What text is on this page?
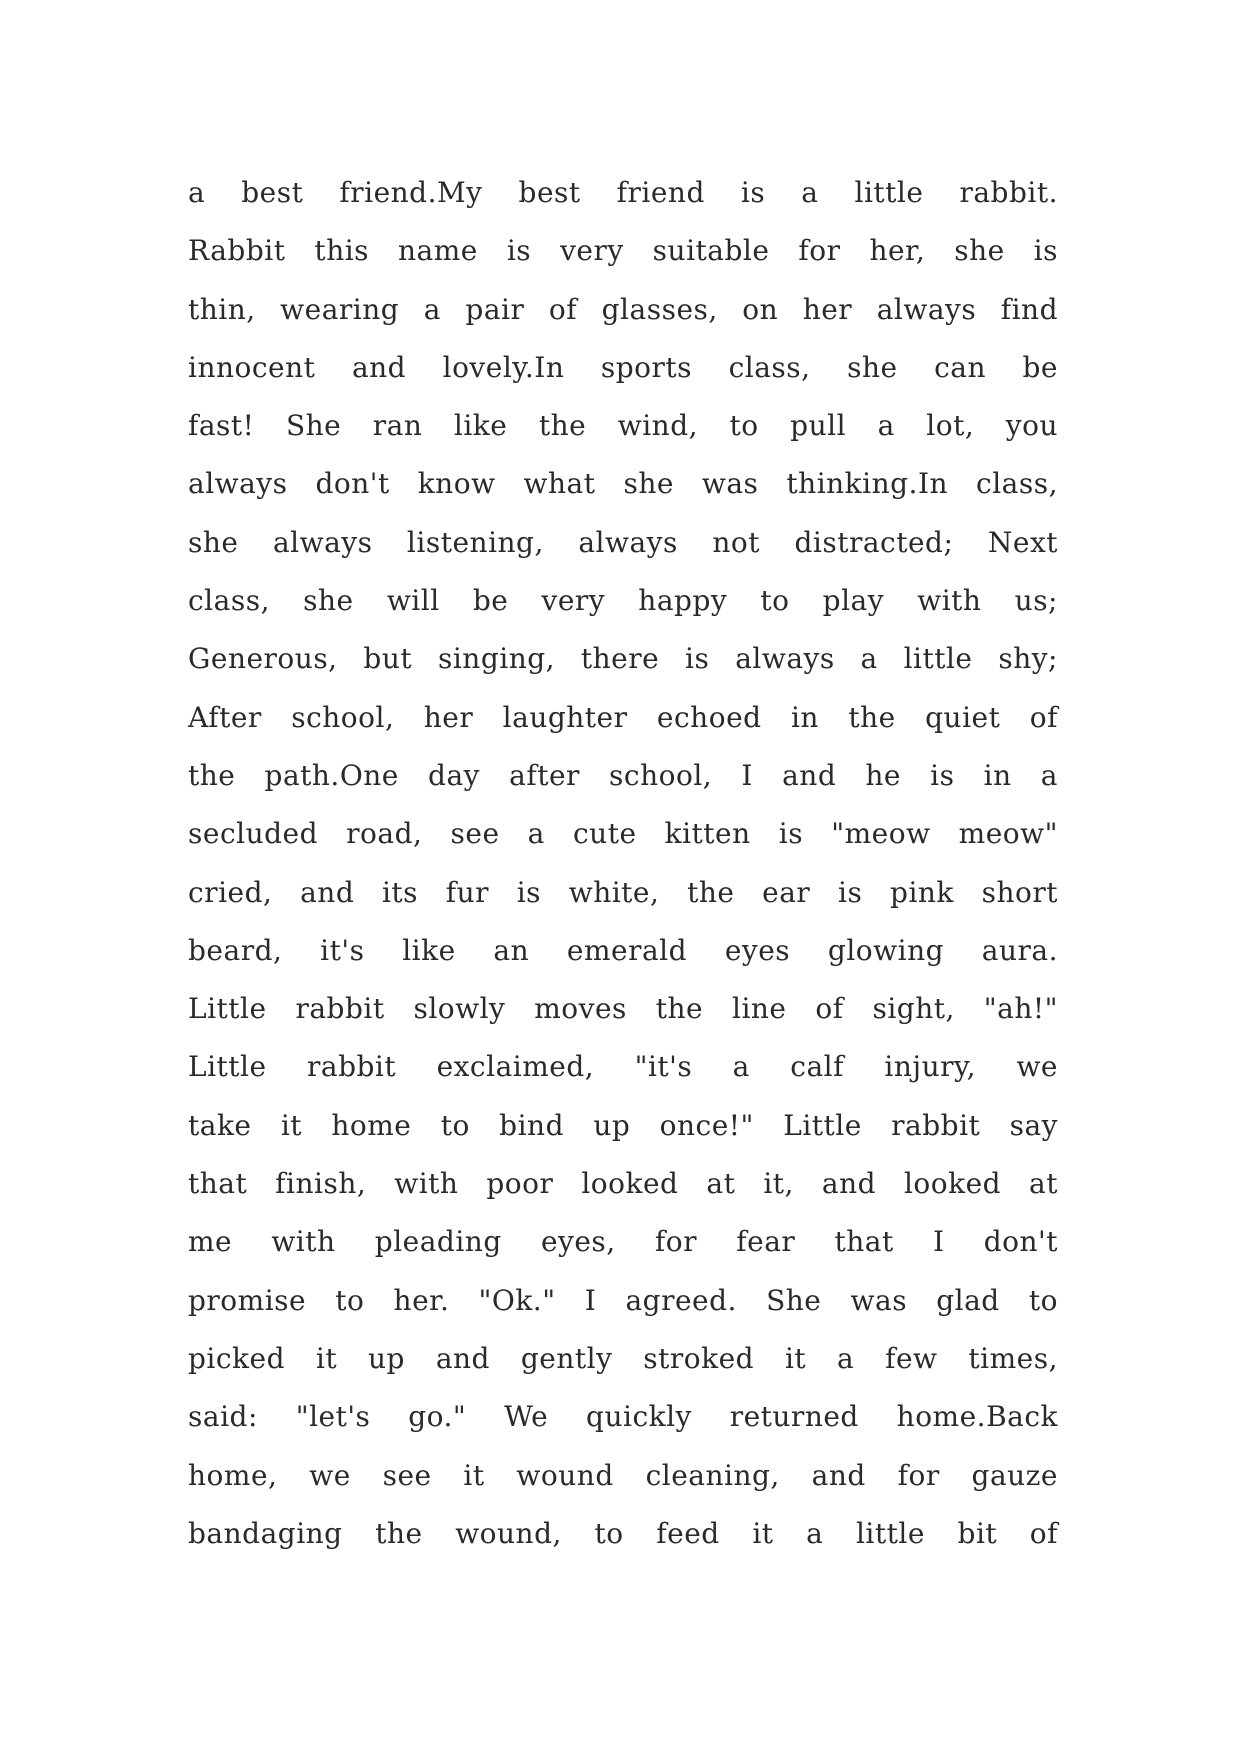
a best friend.My best friend is a little rabbit.
Rabbit this name is very suitable for her, she is
thin, wearing a pair of glasses, on her always find
innocent and lovely.In sports class, she can be
fast! She ran like the wind, to pull a lot, you
always don't know what she was thinking.In class,
she always listening, always not distracted; Next
class, she will be very happy to play with us;
Generous, but singing, there is always a little shy;
After school, her laughter echoed in the quiet of
the path.One day after school, I and he is in a
secluded road, see a cute kitten is "meow meow"
cried, and its fur is white, the ear is pink short
beard, it's like an emerald eyes glowing aura.
Little rabbit slowly moves the line of sight, "ah!"
Little rabbit exclaimed, "it's a calf injury, we
take it home to bind up once!" Little rabbit say
that finish, with poor looked at it, and looked at
me with pleading eyes, for fear that I don't
promise to her. "Ok." I agreed. She was glad to
picked it up and gently stroked it a few times,
said: "let's go." We quickly returned home.Back
home, we see it wound cleaning, and for gauze
bandaging the wound, to feed it a little bit of
